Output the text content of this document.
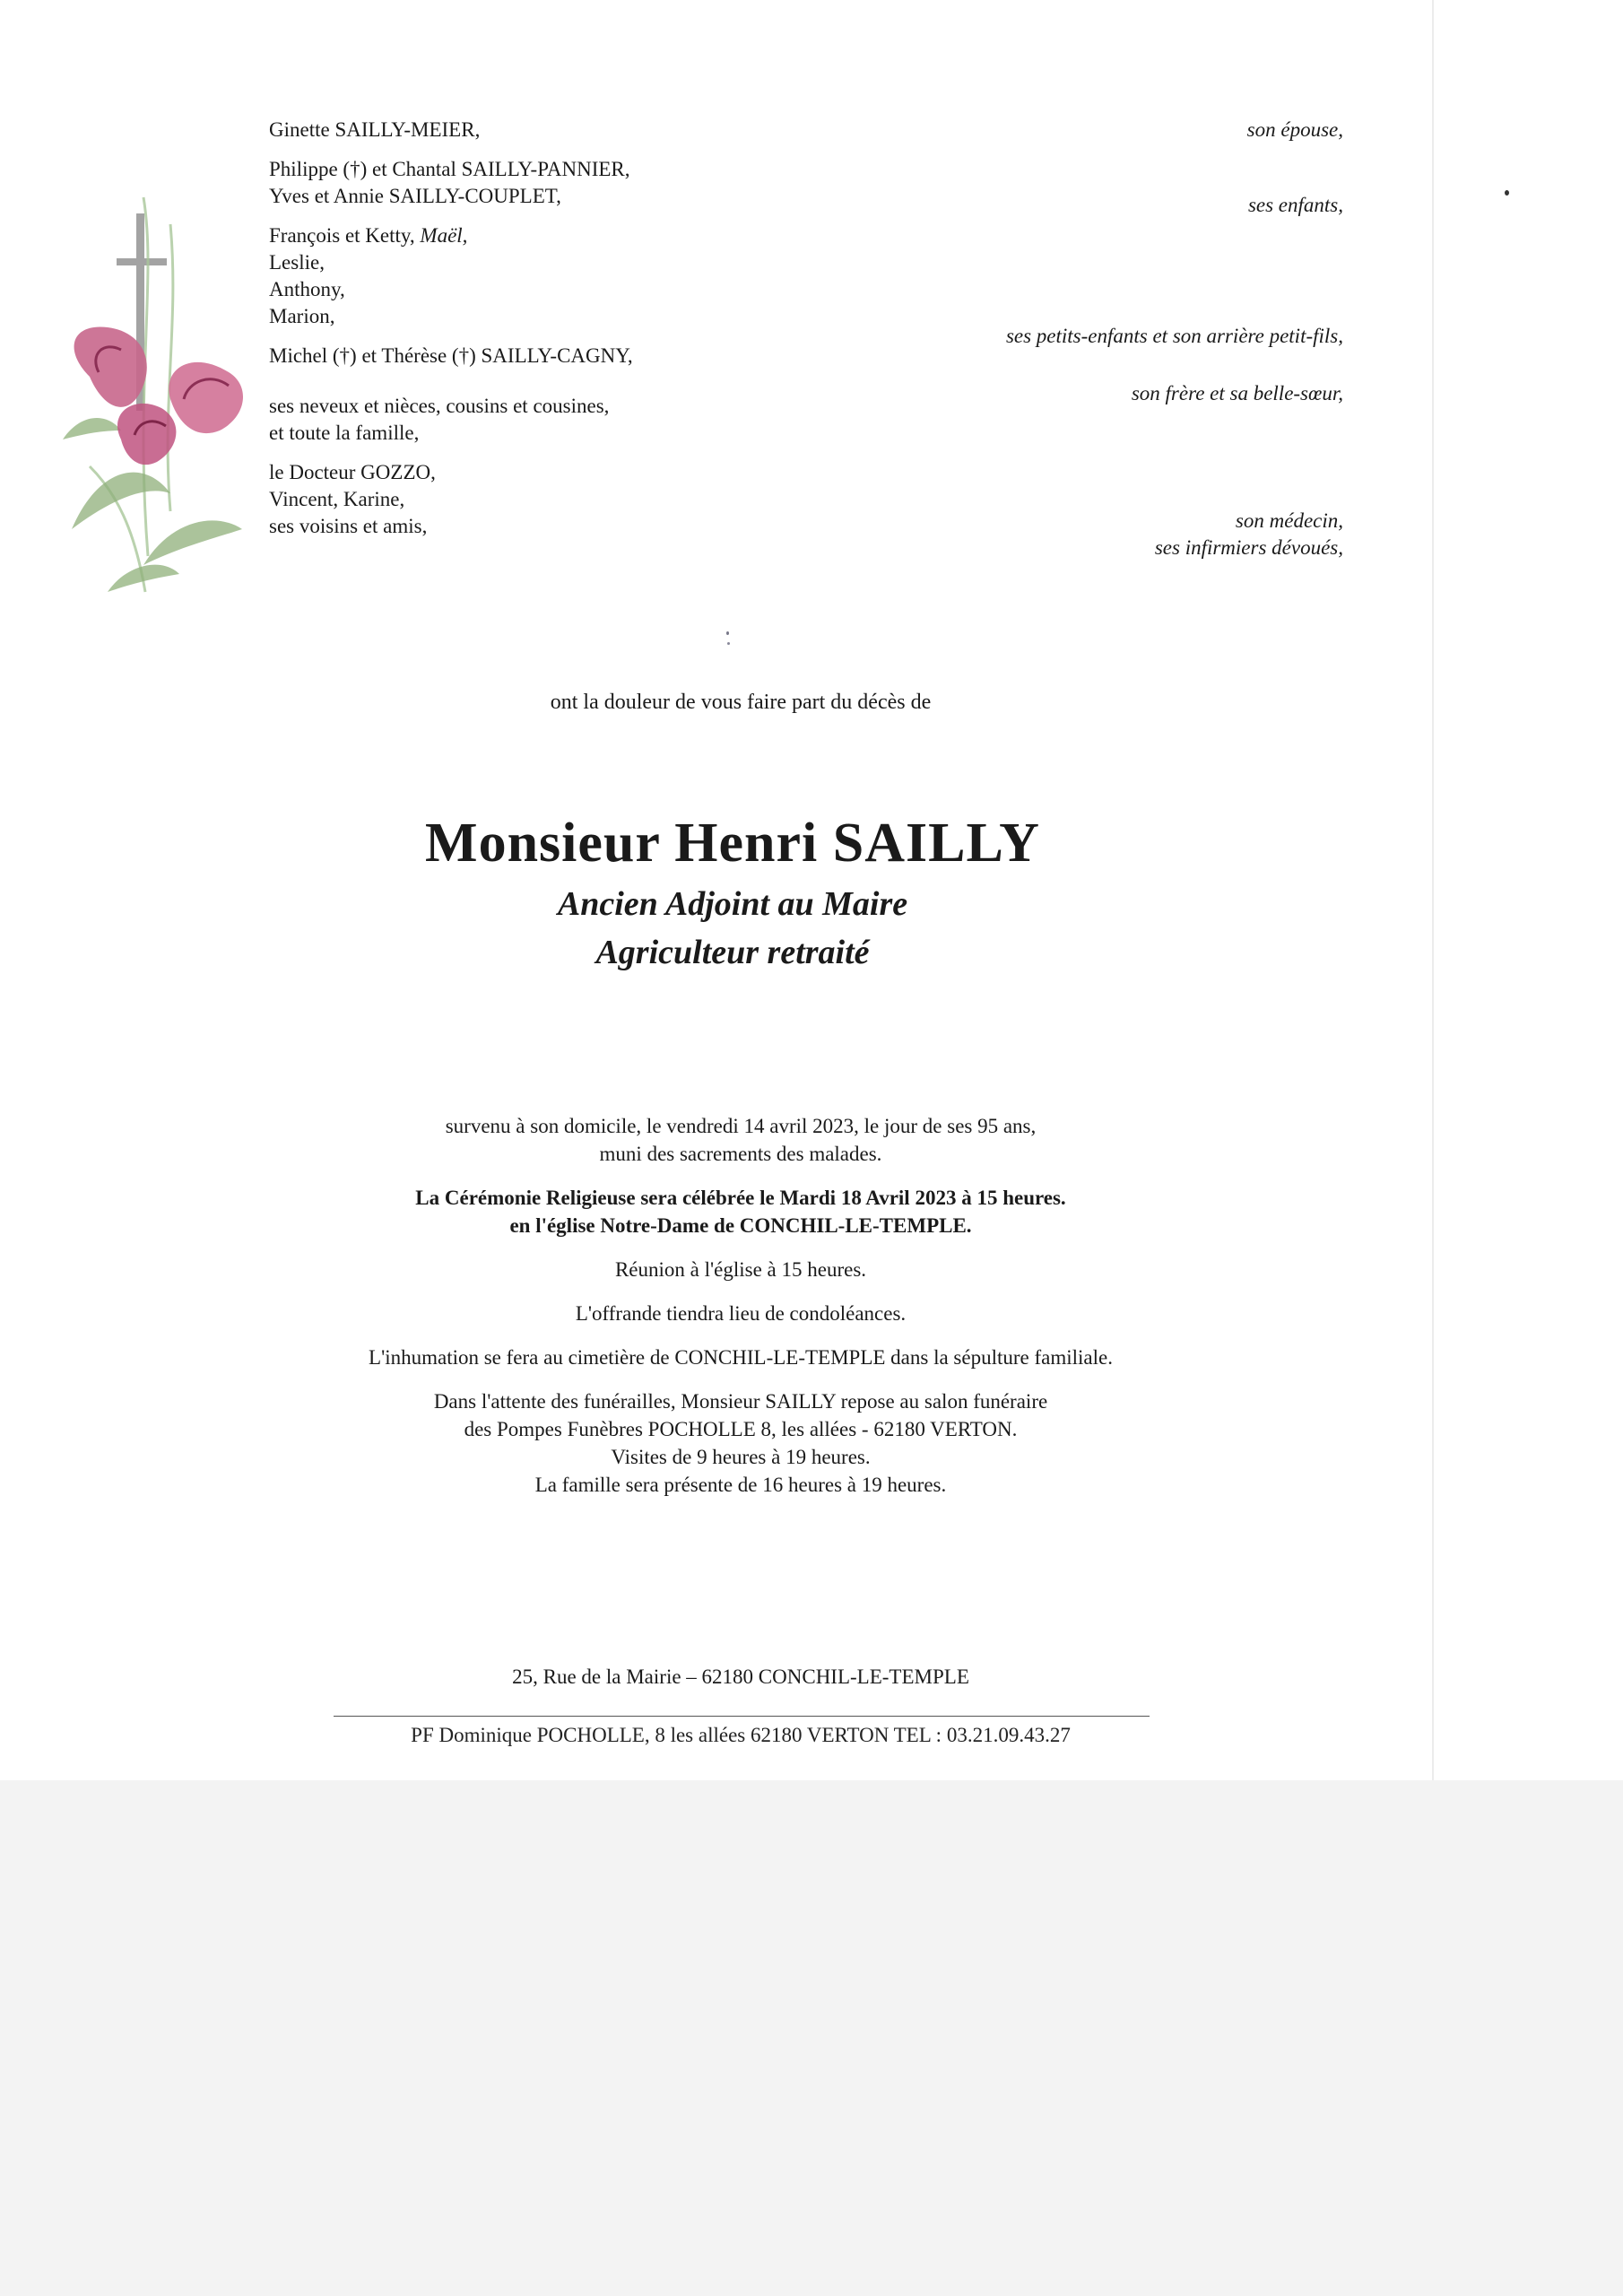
Ginette SAILLY-MEIER,
Philippe (†) et Chantal SAILLY-PANNIER,
Yves et Annie SAILLY-COUPLET,
François et Ketty, Maël,
Leslie,
Anthony,
Marion,
Michel (†) et Thérèse (†) SAILLY-CAGNY,
ses neveux et nièces, cousins et cousines,
et toute la famille,
le Docteur GOZZO,
Vincent, Karine,
ses voisins et amis,
son épouse,
ses enfants,
ses petits-enfants et son arrière petit-fils,
son frère et sa belle-sœur,
son médecin,
ses infirmiers dévoués,
ont la douleur de vous faire part du décès de
Monsieur Henri SAILLY
Ancien Adjoint au Maire
Agriculteur retraité

survenu à son domicile, le vendredi 14 avril 2023, le jour de ses 95 ans,
muni des sacrements des malades.

La Cérémonie Religieuse sera célébrée le Mardi 18 Avril 2023 à 15 heures.
en l'église Notre-Dame de CONCHIL-LE-TEMPLE.

Réunion à l'église à 15 heures.

L'offrande tiendra lieu de condoléances.

L'inhumation se fera au cimetière de CONCHIL-LE-TEMPLE dans la sépulture familiale.

Dans l'attente des funérailles, Monsieur SAILLY repose au salon funéraire
des Pompes Funèbres POCHOLLE 8, les allées - 62180 VERTON.
Visites de 9 heures à 19 heures.
La famille sera présente de 16 heures à 19 heures.

25, Rue de la Mairie – 62180 CONCHIL-LE-TEMPLE
PF Dominique POCHOLLE, 8 les allées 62180 VERTON TEL : 03.21.09.43.27
